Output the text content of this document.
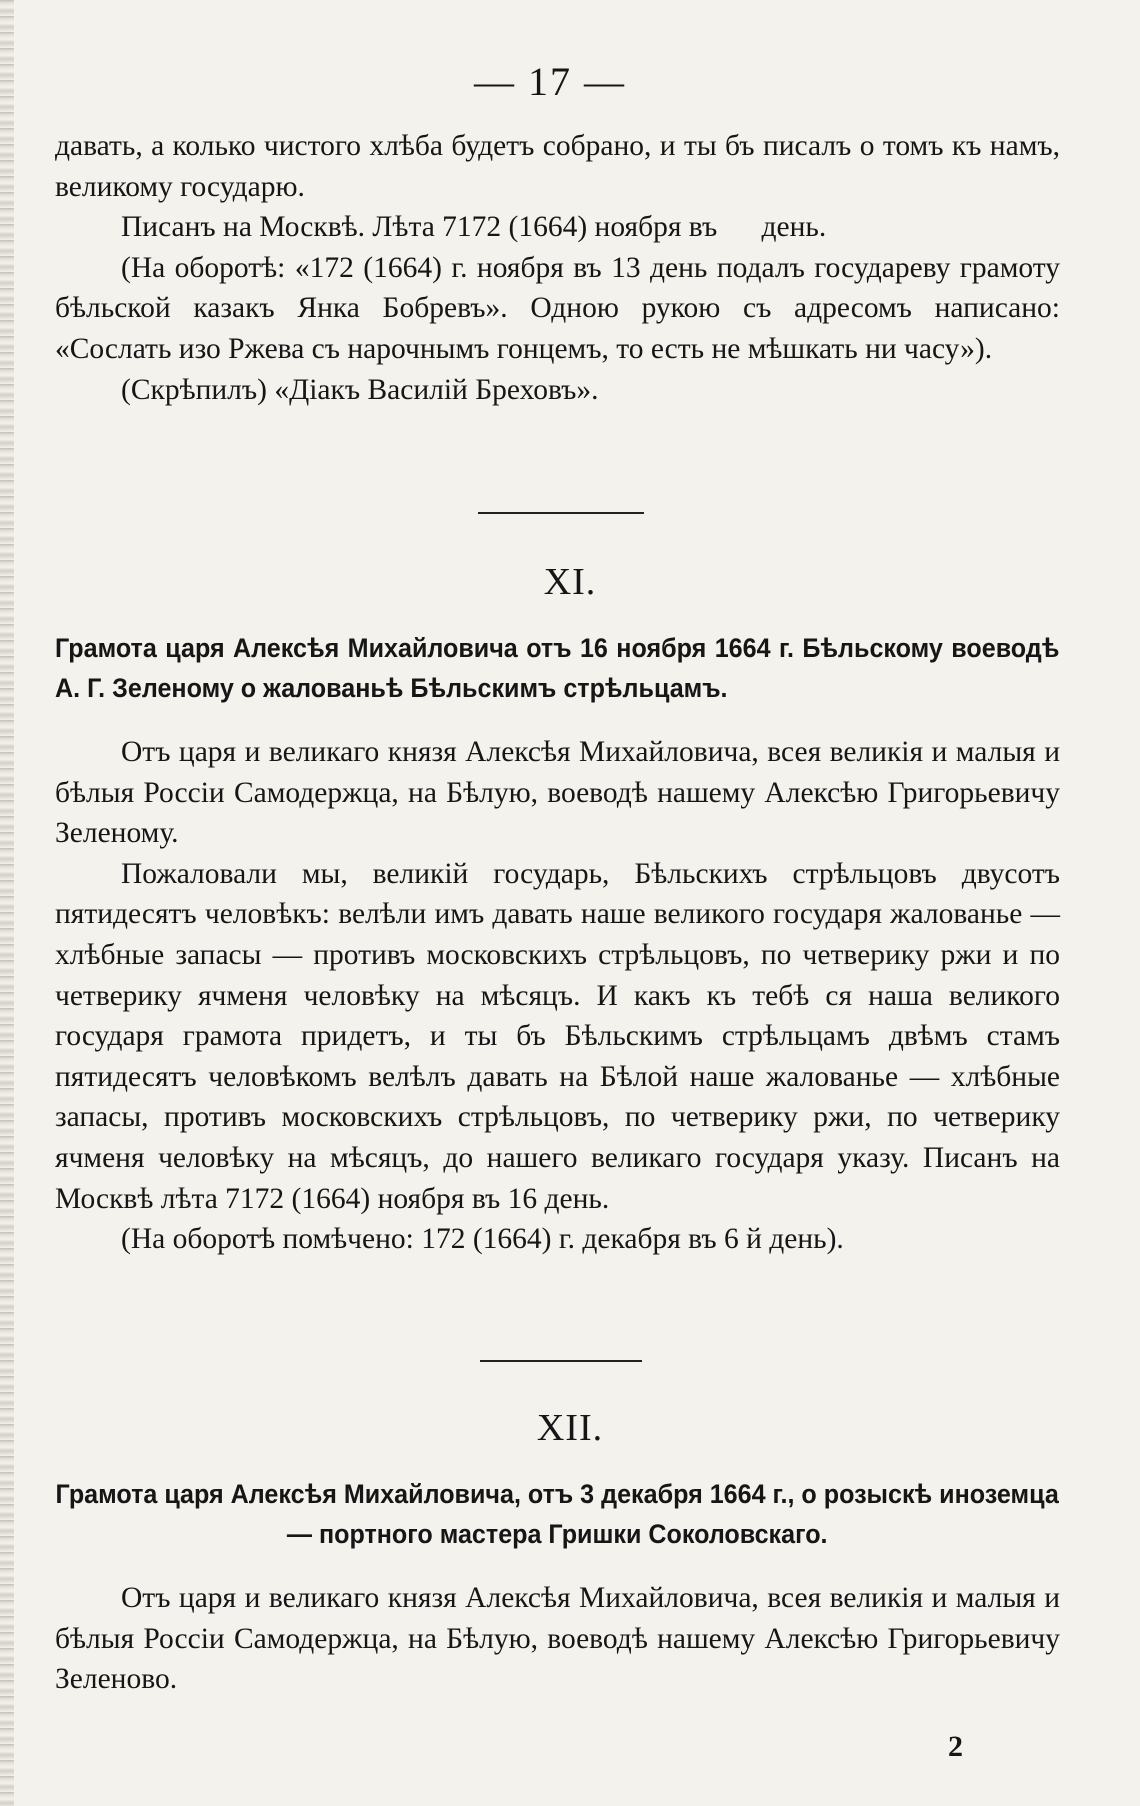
— 17 —

давать, а колько чистого хлѣба будетъ собрано, и ты бъ писалъ о томъ къ намъ, великому государю.

Писанъ на Москвѣ. Лѣта 7172 (1664) ноября въ      день.

(На оборотѣ: «172 (1664) г. ноября въ 13 день подалъ государеву грамоту бѣльской казакъ Янка Бобревъ». Одною рукою съ адресомъ написано: «Сослать изо Ржева съ нарочнымъ гонцемъ, то есть не мѣшкать ни часу»).

(Скрѣпилъ) «Діакъ Василій Бреховъ».

XI.
Грамота царя Алексѣя Михайловича отъ 16 ноября 1664 г. Бѣльскому воеводѣ А. Г. Зеленому о жалованьѣ Бѣльскимъ стрѣльцамъ.

Отъ царя и великаго князя Алексѣя Михайловича, всея великія и малыя и бѣлыя Россіи Самодержца, на Бѣлую, воеводѣ нашему Алексѣю Григорьевичу Зеленому.

Пожаловали мы, великій государь, Бѣльскихъ стрѣльцовъ двусотъ пятидесятъ человѣкъ: велѣли имъ давать наше великого государя жалованье — хлѣбные запасы — противъ московскихъ стрѣльцовъ, по четверику ржи и по четверику ячменя человѣку на мѣсяцъ. И какъ къ тебѣ ся наша великого государя грамота придетъ, и ты бъ Бѣльскимъ стрѣльцамъ двѣмъ стамъ пятидесятъ человѣкомъ велѣлъ давать на Бѣлой наше жалованье — хлѣбные запасы, противъ московскихъ стрѣльцовъ, по четверику ржи, по четверику ячменя человѣку на мѣсяцъ, до нашего великаго государя указу. Писанъ на Москвѣ лѣта 7172 (1664) ноября въ 16 день.

(На оборотѣ помѣчено: 172 (1664) г. декабря въ 6 й день).

XII.
Грамота царя Алексѣя Михайловича, отъ 3 декабря 1664 г., о розыскѣ иноземца — портного мастера Гришки Соколовскаго.

Отъ царя и великаго князя Алексѣя Михайловича, всея великія и малыя и бѣлыя Россіи Самодержца, на Бѣлую, воеводѣ нашему Алексѣю Григорьевичу Зеленово.

2
